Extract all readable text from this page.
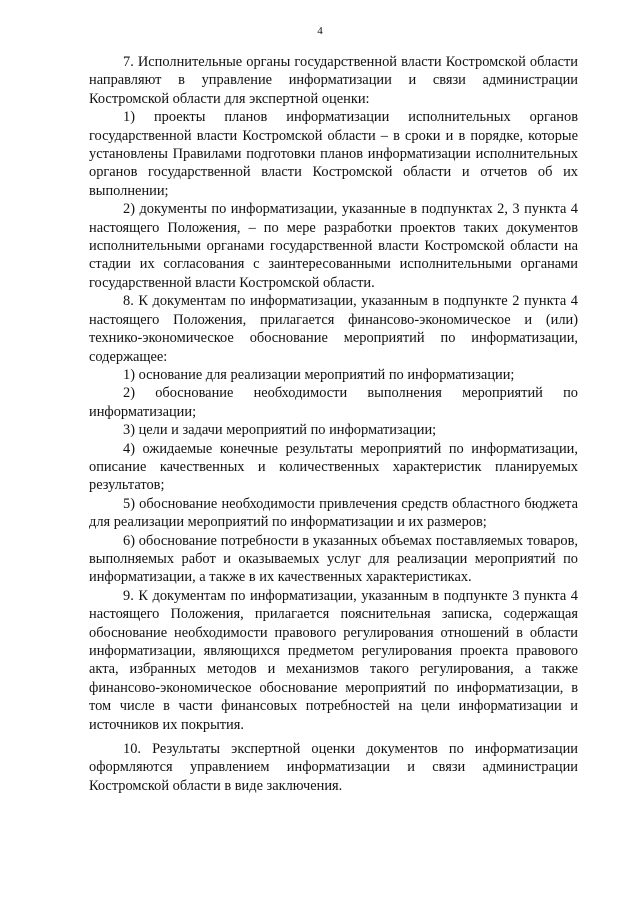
4

7. Исполнительные органы государственной власти Костромской области направляют в управление информатизации и связи администрации Костромской области для экспертной оценки:

1) проекты планов информатизации исполнительных органов государственной власти Костромской области – в сроки и в порядке, которые установлены Правилами подготовки планов информатизации исполнительных органов государственной власти Костромской области и отчетов об их выполнении;

2) документы по информатизации, указанные в подпунктах 2, 3 пункта 4 настоящего Положения, – по мере разработки проектов таких документов исполнительными органами государственной власти Костромской области на стадии их согласования с заинтересованными исполнительными органами государственной власти Костромской области.

8. К документам по информатизации, указанным в подпункте 2 пункта 4 настоящего Положения, прилагается финансово-экономическое и (или) технико-экономическое обоснование мероприятий по информатизации, содержащее:

1) основание для реализации мероприятий по информатизации;

2) обоснование необходимости выполнения мероприятий по информатизации;

3) цели и задачи мероприятий по информатизации;

4) ожидаемые конечные результаты мероприятий по информатизации, описание качественных и количественных характеристик планируемых результатов;

5) обоснование необходимости привлечения средств областного бюджета для реализации мероприятий по информатизации и их размеров;

6) обоснование потребности в указанных объемах поставляемых товаров, выполняемых работ и оказываемых услуг для реализации мероприятий по информатизации, а также в их качественных характеристиках.

9. К документам по информатизации, указанным в подпункте 3 пункта 4 настоящего Положения, прилагается пояснительная записка, содержащая обоснование необходимости правового регулирования отношений в области информатизации, являющихся предметом регулирования проекта правового акта, избранных методов и механизмов такого регулирования, а также финансово-экономическое обоснование мероприятий по информатизации, в том числе в части финансовых потребностей на цели информатизации и источников их покрытия.

10. Результаты экспертной оценки документов по информатизации оформляются управлением информатизации и связи администрации Костромской области в виде заключения.
